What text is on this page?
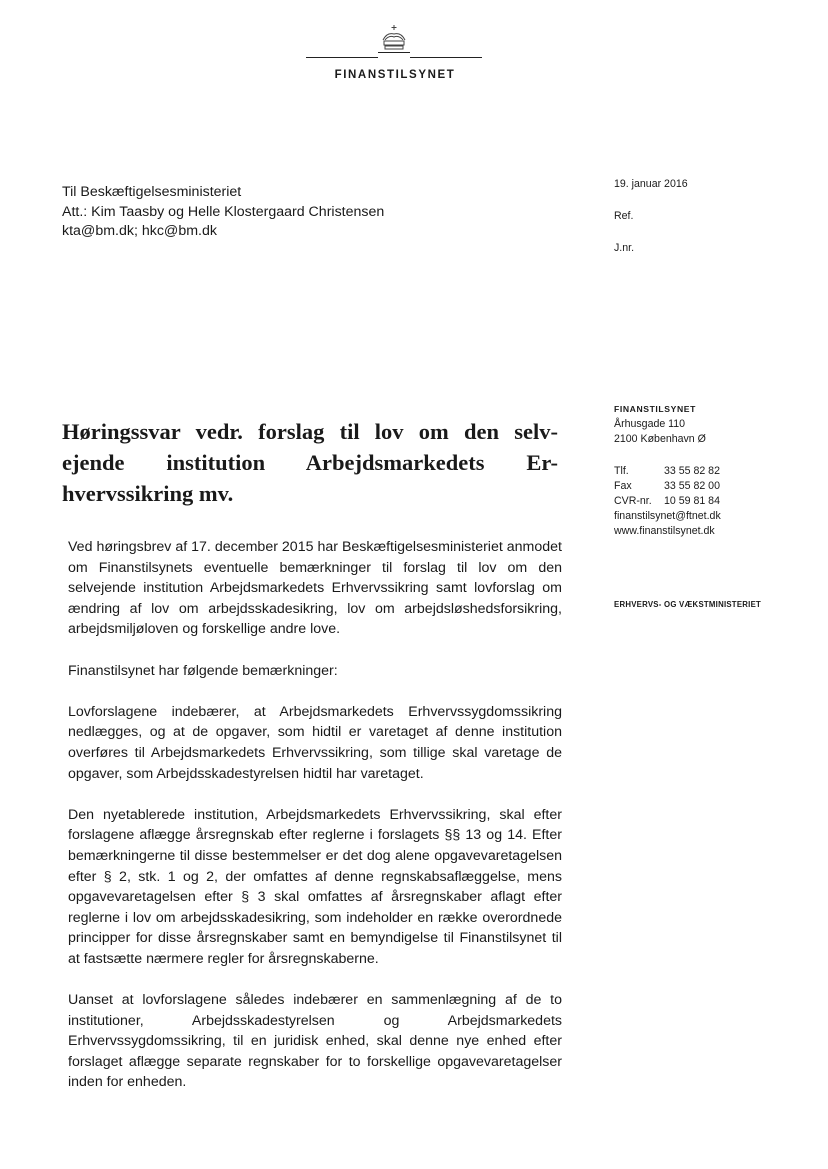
FINANSTILSYNET
Til Beskæftigelsesministeriet
Att.: Kim Taasby og Helle Klostergaard Christensen
kta@bm.dk; hkc@bm.dk
19. januar 2016
Ref.
J.nr.
Høringssvar vedr. forslag til lov om den selv-
ejende institution Arbejdsmarkedets Er-
hvervssikring mv.
FINANSTILSYNET
Århusgade 110
2100 København Ø
Tlf.	33 55 82 82
Fax	33 55 82 00
CVR-nr.	10 59 81 84
finanstilsynet@ftnet.dk
www.finanstilsynet.dk
ERHVERVS- OG VÆKSTMINISTERIET

Ved høringsbrev af 17. december 2015 har Beskæftigelsesministeriet anmodet om Finanstilsynets eventuelle bemærkninger til forslag til lov om den selvejende institution Arbejdsmarkedets Erhvervssikring samt lovforslag om ændring af lov om arbejdsskadesikring, lov om arbejdsløshedsforsikring, arbejdsmiljøloven og forskellige andre love.

Finanstilsynet har følgende bemærkninger:

Lovforslagene indebærer, at Arbejdsmarkedets Erhvervssygdomssikring nedlægges, og at de opgaver, som hidtil er varetaget af denne institution overføres til Arbejdsmarkedets Erhvervssikring, som tillige skal varetage de opgaver, som Arbejdsskadestyrelsen hidtil har varetaget.

Den nyetablerede institution, Arbejdsmarkedets Erhvervssikring, skal efter forslagene aflægge årsregnskab efter reglerne i forslagets §§ 13 og 14. Efter bemærkningerne til disse bestemmelser er det dog alene opgavevaretagelsen efter § 2, stk. 1 og 2, der omfattes af denne regnskabsaflæggelse, mens opgavevaretagelsen efter § 3 skal omfattes af årsregnskaber aflagt efter reglerne i lov om arbejdsskadesikring, som indeholder en række overordnede principper for disse årsregnskaber samt en bemyndigelse til Finanstilsynet til at fastsætte nærmere regler for årsregnskaberne.

Uanset at lovforslagene således indebærer en sammenlægning af de to institutioner, Arbejdsskadestyrelsen og Arbejdsmarkedets Erhvervssygdomssikring, til en juridisk enhed, skal denne nye enhed efter forslaget aflægge separate regnskaber for to forskellige opgavevaretagelser inden for enheden.
